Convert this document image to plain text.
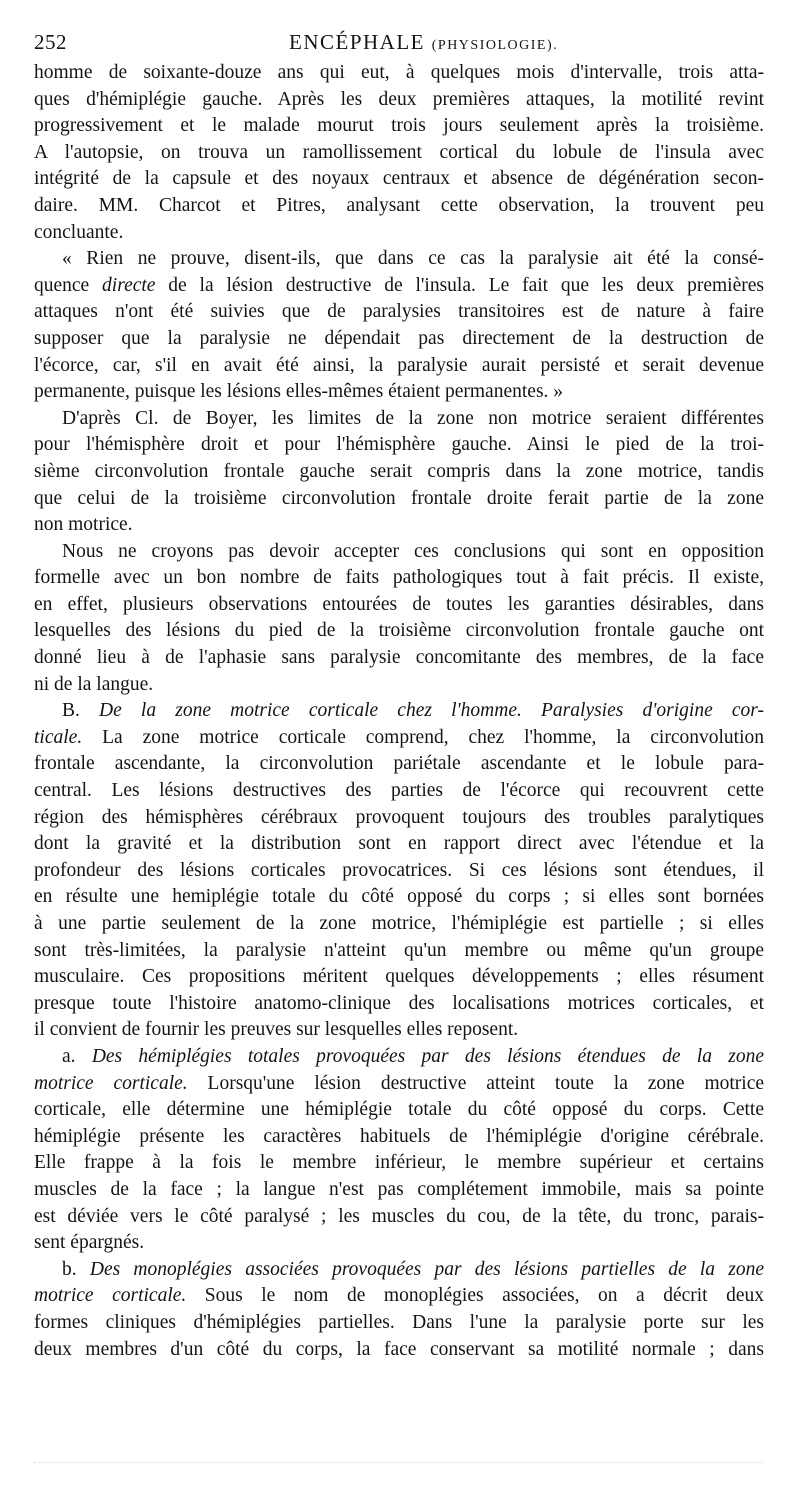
252	ENCÉPHALE (PHYSIOLOGIE).
homme de soixante-douze ans qui eut, à quelques mois d'intervalle, trois atta-
ques d'hémiplégie gauche. Après les deux premières attaques, la motilité revint
progressivement et le malade mourut trois jours seulement après la troisième.
A l'autopsie, on trouva un ramollissement cortical du lobule de l'insula avec
intégrité de la capsule et des noyaux centraux et absence de dégénération secon-
daire. MM. Charcot et Pitres, analysant cette observation, la trouvent peu
concluante.
« Rien ne prouve, disent-ils, que dans ce cas la paralysie ait été la consé-
quence directe de la lésion destructive de l'insula. Le fait que les deux premières
attaques n'ont été suivies que de paralysies transitoires est de nature à faire
supposer que la paralysie ne dépendait pas directement de la destruction de
l'écorce, car, s'il en avait été ainsi, la paralysie aurait persisté et serait devenue
permanente, puisque les lésions elles-mêmes étaient permanentes. »
D'après Cl. de Boyer, les limites de la zone non motrice seraient différentes
pour l'hémisphère droit et pour l'hémisphère gauche. Ainsi le pied de la troi-
sième circonvolution frontale gauche serait compris dans la zone motrice, tandis
que celui de la troisième circonvolution frontale droite ferait partie de la zone
non motrice.
Nous ne croyons pas devoir accepter ces conclusions qui sont en opposition
formelle avec un bon nombre de faits pathologiques tout à fait précis. Il existe,
en effet, plusieurs observations entourées de toutes les garanties désirables, dans
lesquelles des lésions du pied de la troisième circonvolution frontale gauche ont
donné lieu à de l'aphasie sans paralysie concomitante des membres, de la face
ni de la langue.
B. De la zone motrice corticale chez l'homme. Paralysies d'origine cor-
ticale. La zone motrice corticale comprend, chez l'homme, la circonvolution
frontale ascendante, la circonvolution pariétale ascendante et le lobule para-
central. Les lésions destructives des parties de l'écorce qui recouvrent cette
région des hémisphères cérébraux provoquent toujours des troubles paralytiques
dont la gravité et la distribution sont en rapport direct avec l'étendue et la
profondeur des lésions corticales provocatrices. Si ces lésions sont étendues, il
en résulte une hemiplégie totale du côté opposé du corps ; si elles sont bornées
à une partie seulement de la zone motrice, l'hémiplégie est partielle ; si elles
sont très-limitées, la paralysie n'atteint qu'un membre ou même qu'un groupe
musculaire. Ces propositions méritent quelques développements ; elles résument
presque toute l'histoire anatomo-clinique des localisations motrices corticales, et
il convient de fournir les preuves sur lesquelles elles reposent.
a. Des hémiplégies totales provoquées par des lésions étendues de la zone
motrice corticale. Lorsqu'une lésion destructive atteint toute la zone motrice
corticale, elle détermine une hémiplégie totale du côté opposé du corps. Cette
hémiplégie présente les caractères habituels de l'hémiplégie d'origine cérébrale.
Elle frappe à la fois le membre inférieur, le membre supérieur et certains
muscles de la face ; la langue n'est pas complétement immobile, mais sa pointe
est déviée vers le côté paralysé ; les muscles du cou, de la tête, du tronc, parais-
sent épargnés.
b. Des monoplégies associées provoquées par des lésions partielles de la zone
motrice corticale. Sous le nom de monoplégies associées, on a décrit deux
formes cliniques d'hémiplégies partielles. Dans l'une la paralysie porte sur les
deux membres d'un côté du corps, la face conservant sa motilité normale ; dans
